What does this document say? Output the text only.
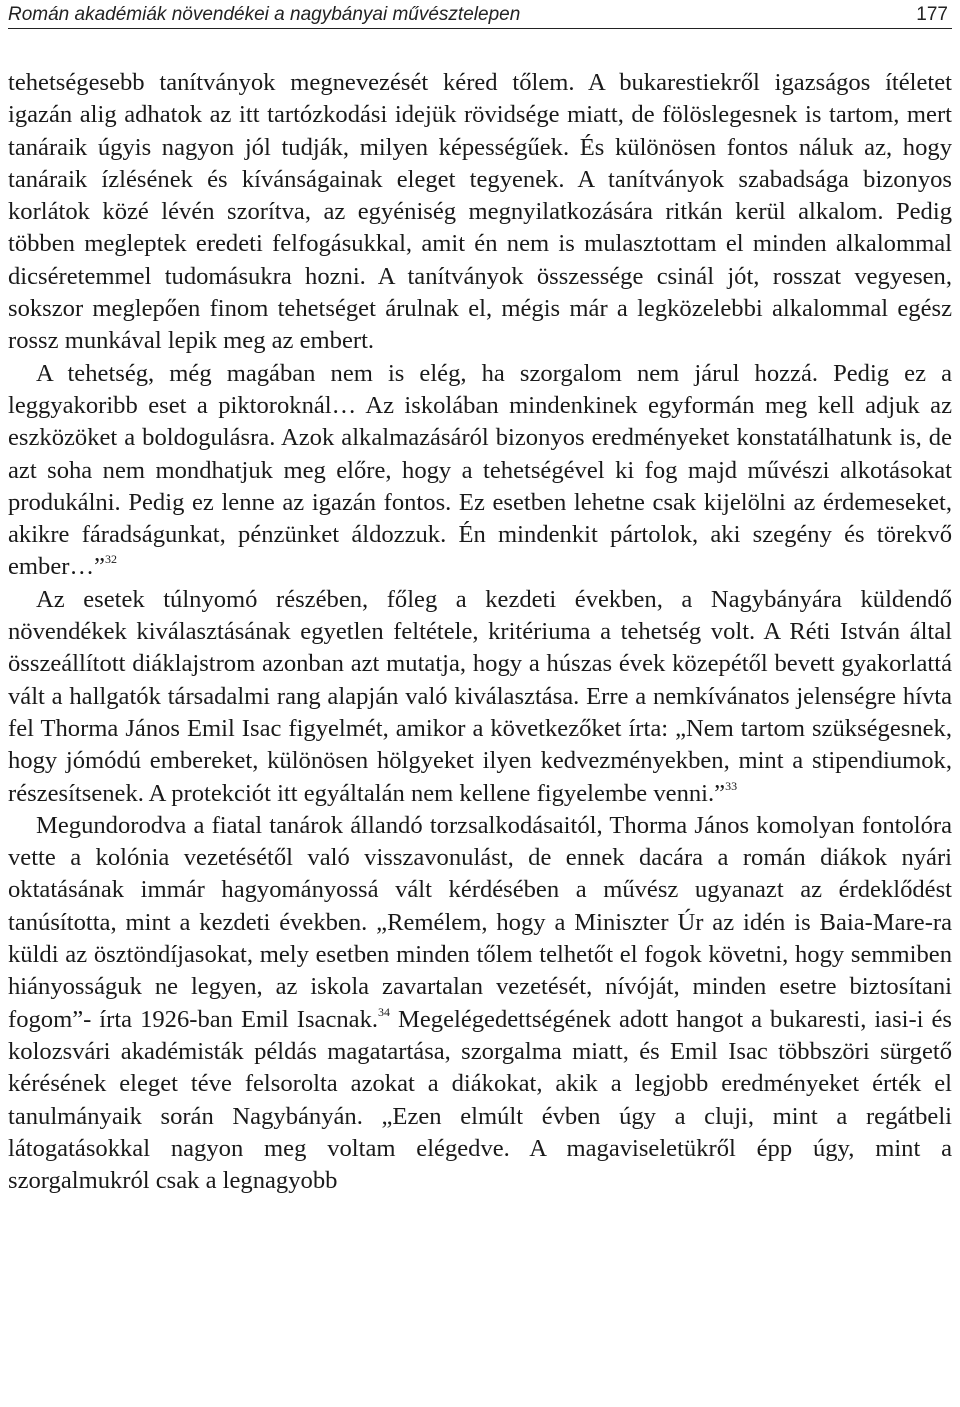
Román akadémiák növendékei a nagybányai művésztelepen	177

tehetségesebb tanítványok megnevezését kéred tőlem. A bukarestiekről igazságos ítéletet igazán alig adhatok az itt tartózkodási idejük rövidsége miatt, de fölöslegesnek is tartom, mert tanáraik úgyis nagyon jól tudják, milyen képességűek. És különösen fontos náluk az, hogy tanáraik ízlésének és kívánságainak eleget tegyenek. A tanítványok szabadsága bizonyos korlátok közé lévén szorítva, az egyéniség megnyilatkozására ritkán kerül alkalom. Pedig többen megleptek eredeti felfogásukkal, amit én nem is mulasztottam el minden alkalommal dicséretemmel tudomásukra hozni. A tanítványok összessége csinál jót, rosszat vegyesen, sokszor meglepően finom tehetséget árulnak el, mégis már a legközelebbi alkalommal egész rossz munkával lepik meg az embert.

A tehetség, még magában nem is elég, ha szorgalom nem járul hozzá. Pedig ez a leggyakoribb eset a piktoroknál… Az iskolában mindenkinek egyformán meg kell adjuk az eszközöket a boldogulásra. Azok alkalmazásáról bizonyos eredményeket konstatálhatunk is, de azt soha nem mondhatjuk meg előre, hogy a tehetségével ki fog majd művészi alkotásokat produkálni. Pedig ez lenne az igazán fontos. Ez esetben lehetne csak kijelölni az érdemeseket, akikre fáradságunkat, pénzünket áldozzuk. Én mindenkit pártolok, aki szegény és törekvő ember…”$^{32}$

Az esetek túlnyomó részében, főleg a kezdeti években, a Nagybányára küldendő növendékek kiválasztásának egyetlen feltétele, kritériuma a tehetség volt. A Réti István által összeállított diáklajstrom azonban azt mutatja, hogy a húszas évek közepétől bevett gyakorlattá vált a hallgatók társadalmi rang alapján való kiválasztása. Erre a nemkívánatos jelenségre hívta fel Thorma János Emil Isac figyelmét, amikor a következőket írta: „Nem tartom szükségesnek, hogy jómódú embereket, különösen hölgyeket ilyen kedvezményekben, mint a stipendiumok, részesítsenek. A protekciót itt egyáltalán nem kellene figyelembe venni.”$^{33}$

Megundorodva a fiatal tanárok állandó torzsalkodásaitól, Thorma János komolyan fontolóra vette a kolónia vezetésétől való visszavonulást, de ennek dacára a román diákok nyári oktatásának immár hagyományossá vált kérdésében a művész ugyanazt az érdeklődést tanúsította, mint a kezdeti években. „Remélem, hogy a Miniszter Úr az idén is Baia-Mare-ra küldi az ösztöndíjasokat, mely esetben minden tőlem telhetőt el fogok követni, hogy semmiben hiányosságuk ne legyen, az iskola zavartalan vezetését, nívóját, minden esetre biztosítani fogom”- írta 1926-ban Emil Isacnak.$^{34}$ Megelégedettségének adott hangot a bukaresti, iasi-i és kolozsvári akadémisták példás magatartása, szorgalma miatt, és Emil Isac többszöri sürgető kérésének eleget téve felsorolta azokat a diákokat, akik a legjobb eredményeket érték el tanulmányaik során Nagybányán. „Ezen elmúlt évben úgy a cluji, mint a regátbeli látogatásokkal nagyon meg voltam elégedve. A magaviseletükről épp úgy, mint a szorgalmukról csak a legnagyobb
